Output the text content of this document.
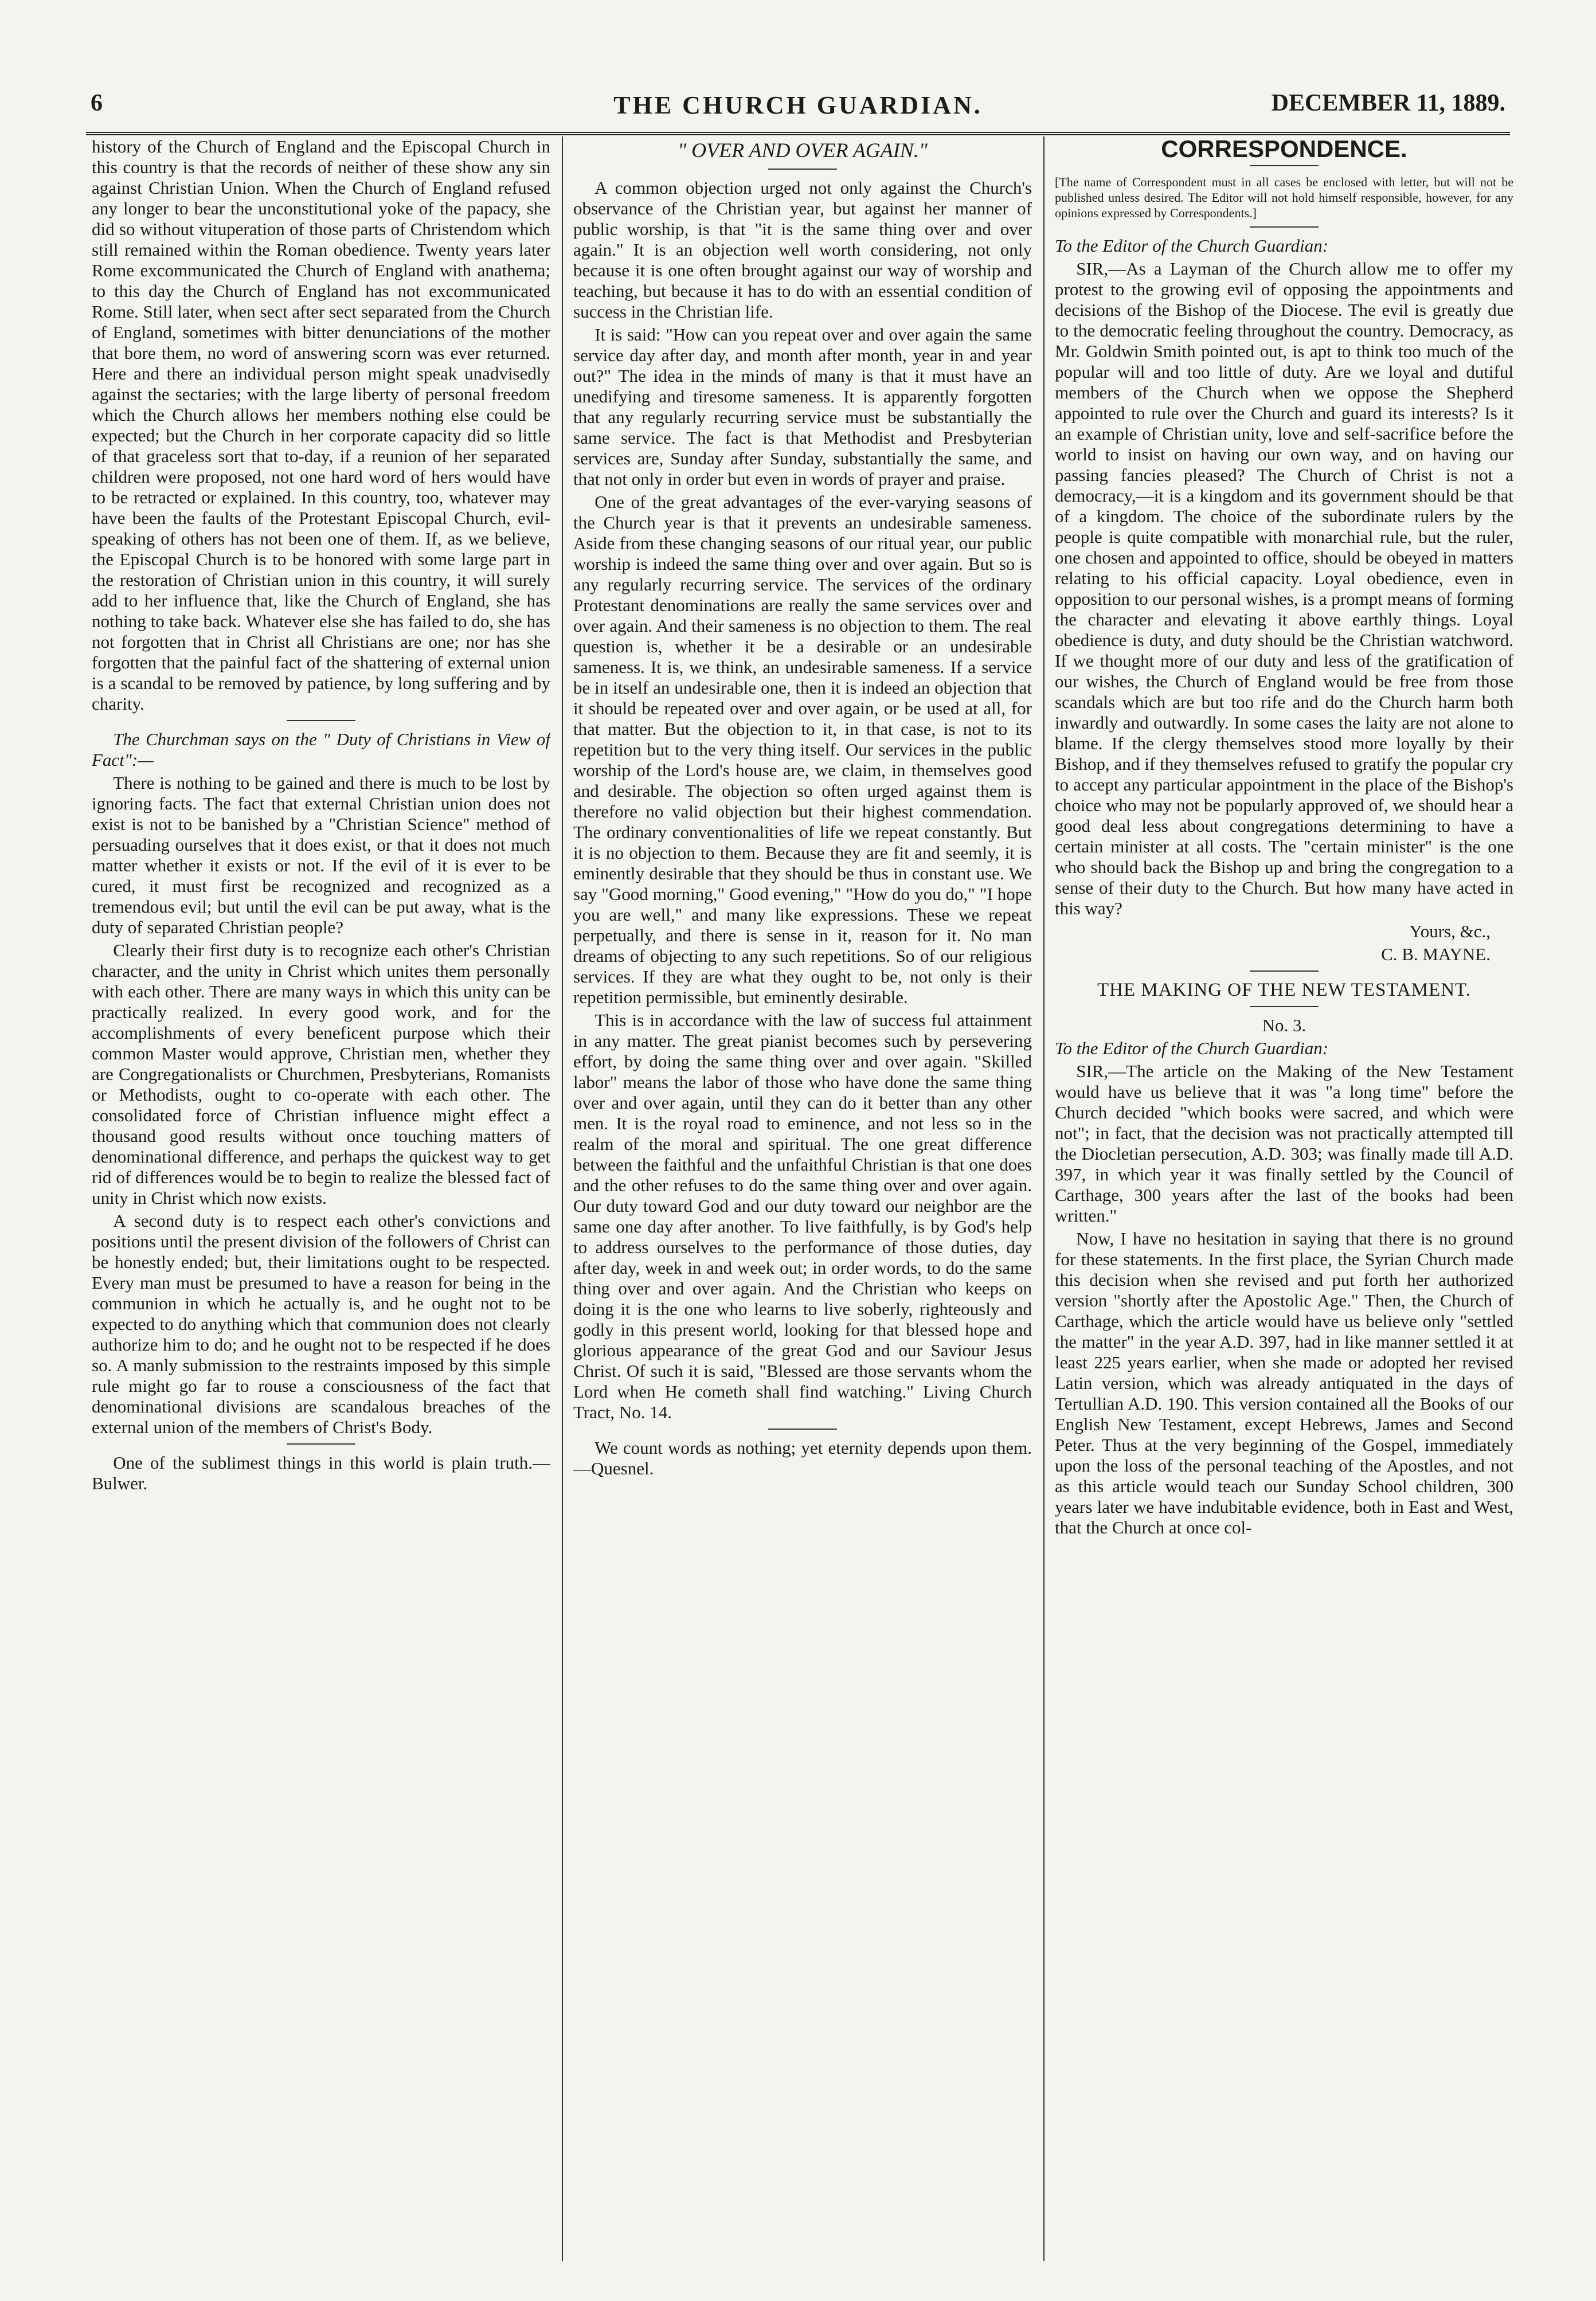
6	THE CHURCH GUARDIAN.	DECEMBER 11, 1889.

history of the Church of England and the Episcopal Church in this country is that the records of neither of these show any sin against Christian Union. When the Church of England refused any longer to bear the unconstitutional yoke of the papacy, she did so without vituperation of those parts of Christendom which still remained within the Roman obedience. Twenty years later Rome excommunicated the Church of England with anathema; to this day the Church of England has not excommunicated Rome. Still later, when sect after sect separated from the Church of England, sometimes with bitter denunciations of the mother that bore them, no word of answering scorn was ever returned. Here and there an individual person might speak unadvisedly against the sectaries; with the large liberty of personal freedom which the Church allows her members nothing else could be expected; but the Church in her corporate capacity did so little of that graceless sort that to-day, if a reunion of her separated children were proposed, not one hard word of hers would have to be retracted or explained. In this country, too, whatever may have been the faults of the Protestant Episcopal Church, evil-speaking of others has not been one of them. If, as we believe, the Episcopal Church is to be honored with some large part in the restoration of Christian union in this country, it will surely add to her influence that, like the Church of England, she has nothing to take back. Whatever else she has failed to do, she has not forgotten that in Christ all Christians are one; nor has she forgotten that the painful fact of the shattering of external union is a scandal to be removed by patience, by long suffering and by charity.

The Churchman says on the " Duty of Christians in View of Fact":—

There is nothing to be gained and there is much to be lost by ignoring facts. The fact that external Christian union does not exist is not to be banished by a "Christian Science" method of persuading ourselves that it does exist, or that it does not much matter whether it exists or not. If the evil of it is ever to be cured, it must first be recognized and recognized as a tremendous evil; but until the evil can be put away, what is the duty of separated Christian people?

Clearly their first duty is to recognize each other's Christian character, and the unity in Christ which unites them personally with each other. There are many ways in which this unity can be practically realized. In every good work, and for the accomplishments of every beneficent purpose which their common Master would approve, Christian men, whether they are Congregationalists or Churchmen, Presbyterians, Romanists or Methodists, ought to co-operate with each other. The consolidated force of Christian influence might effect a thousand good results without once touching matters of denominational difference, and perhaps the quickest way to get rid of differences would be to begin to realize the blessed fact of unity in Christ which now exists.

A second duty is to respect each other's convictions and positions until the present division of the followers of Christ can be honestly ended; but, their limitations ought to be respected. Every man must be presumed to have a reason for being in the communion in which he actually is, and he ought not to be expected to do anything which that communion does not clearly authorize him to do; and he ought not to be respected if he does so. A manly submission to the restraints imposed by this simple rule might go far to rouse a consciousness of the fact that denominational divisions are scandalous breaches of the external union of the members of Christ's Body.

One of the sublimest things in this world is plain truth.—Bulwer.

" OVER AND OVER AGAIN."

A common objection urged not only against the Church's observance of the Christian year, but against her manner of public worship, is that "it is the same thing over and over again." It is an objection well worth considering, not only because it is one often brought against our way of worship and teaching, but because it has to do with an essential condition of success in the Christian life.

It is said: "How can you repeat over and over again the same service day after day, and month after month, year in and year out?" The idea in the minds of many is that it must have an unedifying and tiresome sameness. It is apparently forgotten that any regularly recurring service must be substantially the same service. The fact is that Methodist and Presbyterian services are, Sunday after Sunday, substantially the same, and that not only in order but even in words of prayer and praise.

One of the great advantages of the ever-varying seasons of the Church year is that it prevents an undesirable sameness. Aside from these changing seasons of our ritual year, our public worship is indeed the same thing over and over again. But so is any regularly recurring service. The services of the ordinary Protestant denominations are really the same services over and over again. And their sameness is no objection to them. The real question is, whether it be a desirable or an undesirable sameness. It is, we think, an undesirable sameness. If a service be in itself an undesirable one, then it is indeed an objection that it should be repeated over and over again, or be used at all, for that matter. But the objection to it, in that case, is not to its repetition but to the very thing itself. Our services in the public worship of the Lord's house are, we claim, in themselves good and desirable. The objection so often urged against them is therefore no valid objection but their highest commendation. The ordinary conventionalities of life we repeat constantly. But it is no objection to them. Because they are fit and seemly, it is eminently desirable that they should be thus in constant use. We say "Good morning," Good evening," "How do you do," "I hope you are well," and many like expressions. These we repeat perpetually, and there is sense in it, reason for it. No man dreams of objecting to any such repetitions. So of our religious services. If they are what they ought to be, not only is their repetition permissible, but eminently desirable.

This is in accordance with the law of success ful attainment in any matter. The great pianist becomes such by persevering effort, by doing the same thing over and over again. "Skilled labor" means the labor of those who have done the same thing over and over again, until they can do it better than any other men. It is the royal road to eminence, and not less so in the realm of the moral and spiritual. The one great difference between the faithful and the unfaithful Christian is that one does and the other refuses to do the same thing over and over again. Our duty toward God and our duty toward our neighbor are the same one day after another. To live faithfully, is by God's help to address ourselves to the performance of those duties, day after day, week in and week out; in order words, to do the same thing over and over again. And the Christian who keeps on doing it is the one who learns to live soberly, righteously and godly in this present world, looking for that blessed hope and glorious appearance of the great God and our Saviour Jesus Christ. Of such it is said, "Blessed are those servants whom the Lord when He cometh shall find watching." Living Church Tract, No. 14.

We count words as nothing; yet eternity depends upon them.—Quesnel.

CORRESPONDENCE.

[The name of Correspondent must in all cases be enclosed with letter, but will not be published unless desired. The Editor will not hold himself responsible, however, for any opinions expressed by Correspondents.]

To the Editor of the Church Guardian:

SIR,—As a Layman of the Church allow me to offer my protest to the growing evil of opposing the appointments and decisions of the Bishop of the Diocese. The evil is greatly due to the democratic feeling throughout the country. Democracy, as Mr. Goldwin Smith pointed out, is apt to think too much of the popular will and too little of duty. Are we loyal and dutiful members of the Church when we oppose the Shepherd appointed to rule over the Church and guard its interests? Is it an example of Christian unity, love and self-sacrifice before the world to insist on having our own way, and on having our passing fancies pleased? The Church of Christ is not a democracy,—it is a kingdom and its government should be that of a kingdom. The choice of the subordinate rulers by the people is quite compatible with monarchial rule, but the ruler, one chosen and appointed to office, should be obeyed in matters relating to his official capacity. Loyal obedience, even in opposition to our personal wishes, is a prompt means of forming the character and elevating it above earthly things. Loyal obedience is duty, and duty should be the Christian watchword. If we thought more of our duty and less of the gratification of our wishes, the Church of England would be free from those scandals which are but too rife and do the Church harm both inwardly and outwardly. In some cases the laity are not alone to blame. If the clergy themselves stood more loyally by their Bishop, and if they themselves refused to gratify the popular cry to accept any particular appointment in the place of the Bishop's choice who may not be popularly approved of, we should hear a good deal less about congregations determining to have a certain minister at all costs. The "certain minister" is the one who should back the Bishop up and bring the congregation to a sense of their duty to the Church. But how many have acted in this way?

Yours, &c.,

C. B. MAYNE.

THE MAKING OF THE NEW TESTAMENT.

No. 3.

To the Editor of the Church Guardian:

SIR,—The article on the Making of the New Testament would have us believe that it was "a long time" before the Church decided "which books were sacred, and which were not"; in fact, that the decision was not practically attempted till the Diocletian persecution, A.D. 303; was finally made till A.D. 397, in which year it was finally settled by the Council of Carthage, 300 years after the last of the books had been written."

Now, I have no hesitation in saying that there is no ground for these statements. In the first place, the Syrian Church made this decision when she revised and put forth her authorized version "shortly after the Apostolic Age." Then, the Church of Carthage, which the article would have us believe only "settled the matter" in the year A.D. 397, had in like manner settled it at least 225 years earlier, when she made or adopted her revised Latin version, which was already antiquated in the days of Tertullian A.D. 190. This version contained all the Books of our English New Testament, except Hebrews, James and Second Peter. Thus at the very beginning of the Gospel, immediately upon the loss of the personal teaching of the Apostles, and not as this article would teach our Sunday School children, 300 years later we have indubitable evidence, both in East and West, that the Church at once col-
